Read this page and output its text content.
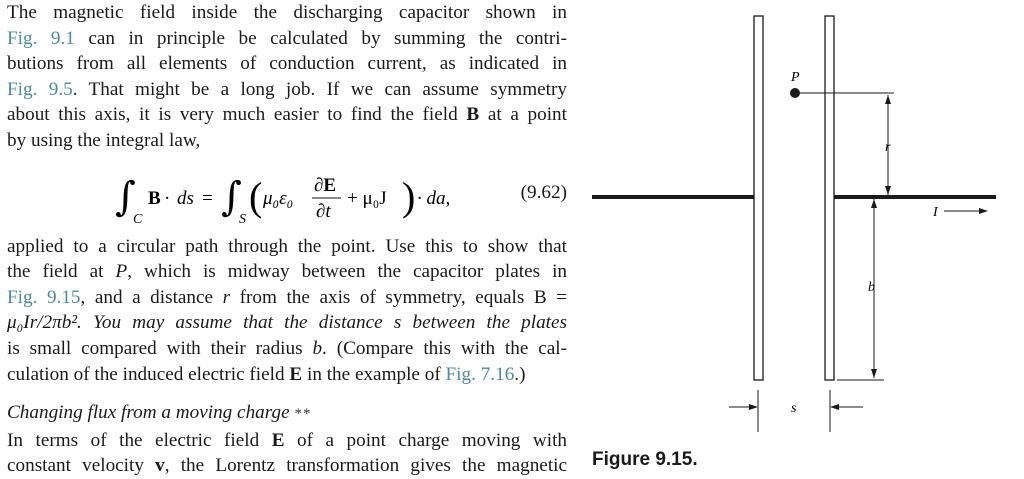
The magnetic field inside the discharging capacitor shown in
Fig. 9.1 can in principle be calculated by summing the contri-
butions from all elements of conduction current, as indicated in
Fig. 9.5. That might be a long job. If we can assume symmetry
about this axis, it is very much easier to find the field B at a point
by using the integral law,

∫
C
B · ds = ∫
S
( μ₀ε₀
∂E
∂t
+ μ₀J ) · da,	(9.62)

applied to a circular path through the point. Use this to show that
the field at P, which is midway between the capacitor plates in
Fig. 9.15, and a distance r from the axis of symmetry, equals B =
μ₀Ir/2πb². You may assume that the distance s between the plates
is small compared with their radius b. (Compare this with the cal-
culation of the induced electric field E in the example of Fig. 7.16.)

Changing flux from a moving charge **

In terms of the electric field E of a point charge moving with
constant velocity v, the Lorentz transformation gives the magnetic

P
r
I
b
s
Figure 9.15.
